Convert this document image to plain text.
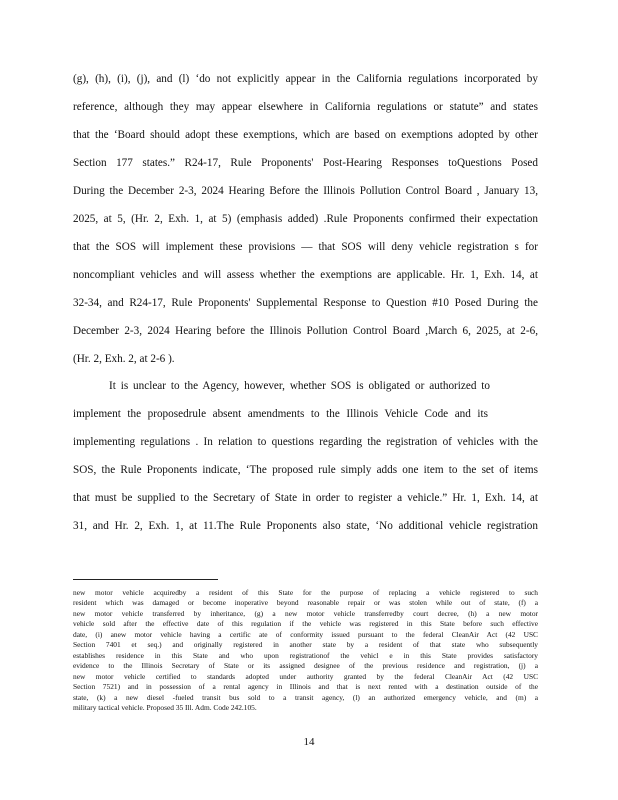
(g), (h), (i), (j), and (l) ‘do not explicitly appear in the California regulations incorporated by
reference, although they may appear elsewhere in California regulations or statute” and states
that the ‘Board should adopt these exemptions, which are based on exemptions adopted by other
Section 177 states.” R24-17, Rule Proponents' Post-Hearing Responses toQuestions Posed
During the December 2-3, 2024 Hearing Before the Illinois Pollution Control Board , January 13,
2025, at 5, (Hr. 2, Exh. 1, at 5) (emphasis added) .Rule Proponents confirmed their expectation
that the SOS will implement these provisions — that SOS will deny vehicle registration s for
noncompliant vehicles and will assess whether the exemptions are applicable. Hr. 1, Exh. 14, at
32-34, and R24-17, Rule Proponents' Supplemental Response to Question #10 Posed During the
December 2-3, 2024 Hearing before the Illinois Pollution Control Board ,March 6, 2025, at 2-6,
(Hr. 2, Exh. 2, at 2-6 ).
It is unclear to the Agency, however, whether SOS is obligated or authorized to
implement the proposedrule absent amendments to the Illinois Vehicle Code and its
implementing regulations . In relation to questions regarding the registration of vehicles with the
SOS, the Rule Proponents indicate, ‘The proposed rule simply adds one item to the set of items
that must be supplied to the Secretary of State in order to register a vehicle.” Hr. 1, Exh. 14, at
31, and Hr. 2, Exh. 1, at 11.The Rule Proponents also state, ‘No additional vehicle registration
new motor vehicle acquiredby a resident of this State for the purpose of replacing a vehicle registered to such
resident which was damaged or become inoperative beyond reasonable repair or was stolen while out of state, (f) a
new motor vehicle transferred by inheritance, (g) a new motor vehicle transferredby court decree, (h) a new motor
vehicle sold after the effective date of this regulation if the vehicle was registered in this State before such effective
date, (i) anew motor vehicle having a certific ate of conformity issued pursuant to the federal CleanAir Act (42 USC
Section 7401 et seq.) and originally registered in another state by a resident of that state who subsequently
establishes residence in this State and who upon registrationof the vehicl e in this State provides satisfactory
evidence to the Illinois Secretary of State or its assigned designee of the previous residence and registration, (j) a
new motor vehicle certified to standards adopted under authority granted by the federal CleanAir Act (42 USC
Section 7521) and in possession of a rental agency in Illinois and that is next rented with a destination outside of the
state, (k) a new diesel -fueled transit bus sold to a transit agency, (l) an authorized emergency vehicle, and (m) a
military tactical vehicle. Proposed 35 Ill. Adm. Code 242.105.
14
